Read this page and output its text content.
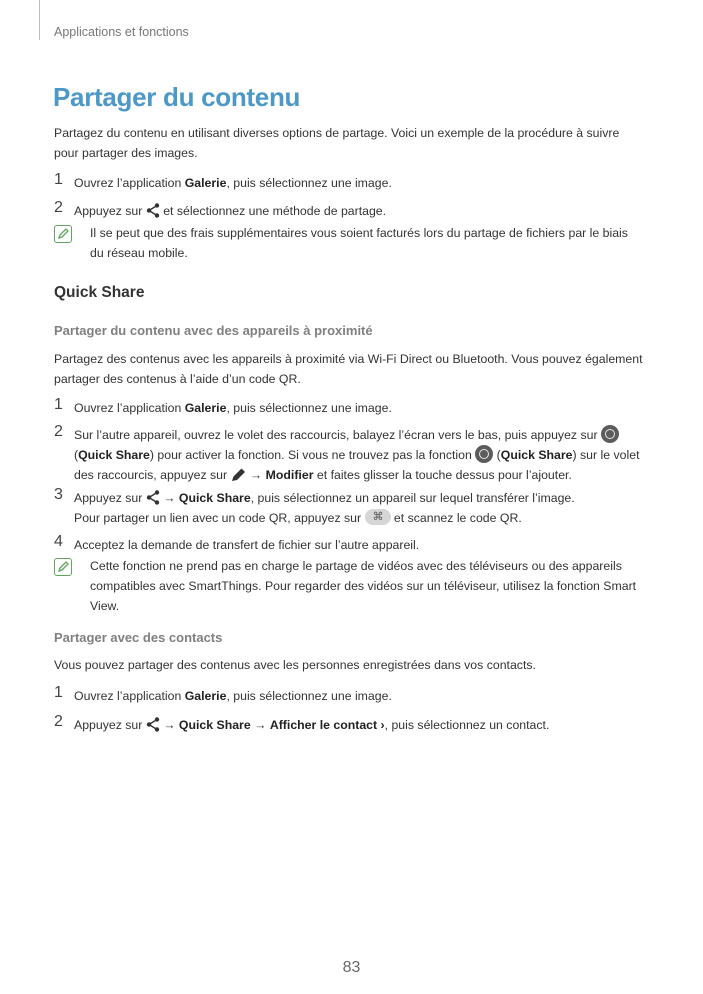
Applications et fonctions
Partager du contenu
Partagez du contenu en utilisant diverses options de partage. Voici un exemple de la procédure à suivre
pour partager des images.
1 Ouvrez l’application Galerie, puis sélectionnez une image.
2 Appuyez sur  et sélectionnez une méthode de partage.
Il se peut que des frais supplémentaires vous soient facturés lors du partage de fichiers par le biais
du réseau mobile.
Quick Share
Partager du contenu avec des appareils à proximité
Partagez des contenus avec les appareils à proximité via Wi-Fi Direct ou Bluetooth. Vous pouvez également
partager des contenus à l’aide d’un code QR.
1 Ouvrez l’application Galerie, puis sélectionnez une image.
2 Sur l’autre appareil, ouvrez le volet des raccourcis, balayez l’écran vers le bas, puis appuyez sur
(Quick Share) pour activer la fonction. Si vous ne trouvez pas la fonction  (Quick Share) sur le volet
des raccourcis, appuyez sur  → Modifier et faites glisser la touche dessus pour l’ajouter.
3 Appuyez sur  → Quick Share, puis sélectionnez un appareil sur lequel transférer l’image.
Pour partager un lien avec un code QR, appuyez sur ⌘ et scannez le code QR.
4 Acceptez la demande de transfert de fichier sur l’autre appareil.
Cette fonction ne prend pas en charge le partage de vidéos avec des téléviseurs ou des appareils
compatibles avec SmartThings. Pour regarder des vidéos sur un téléviseur, utilisez la fonction Smart
View.
Partager avec des contacts
Vous pouvez partager des contenus avec les personnes enregistrées dans vos contacts.
1 Ouvrez l’application Galerie, puis sélectionnez une image.
2 Appuyez sur  → Quick Share → Afficher le contact ›, puis sélectionnez un contact.
83
